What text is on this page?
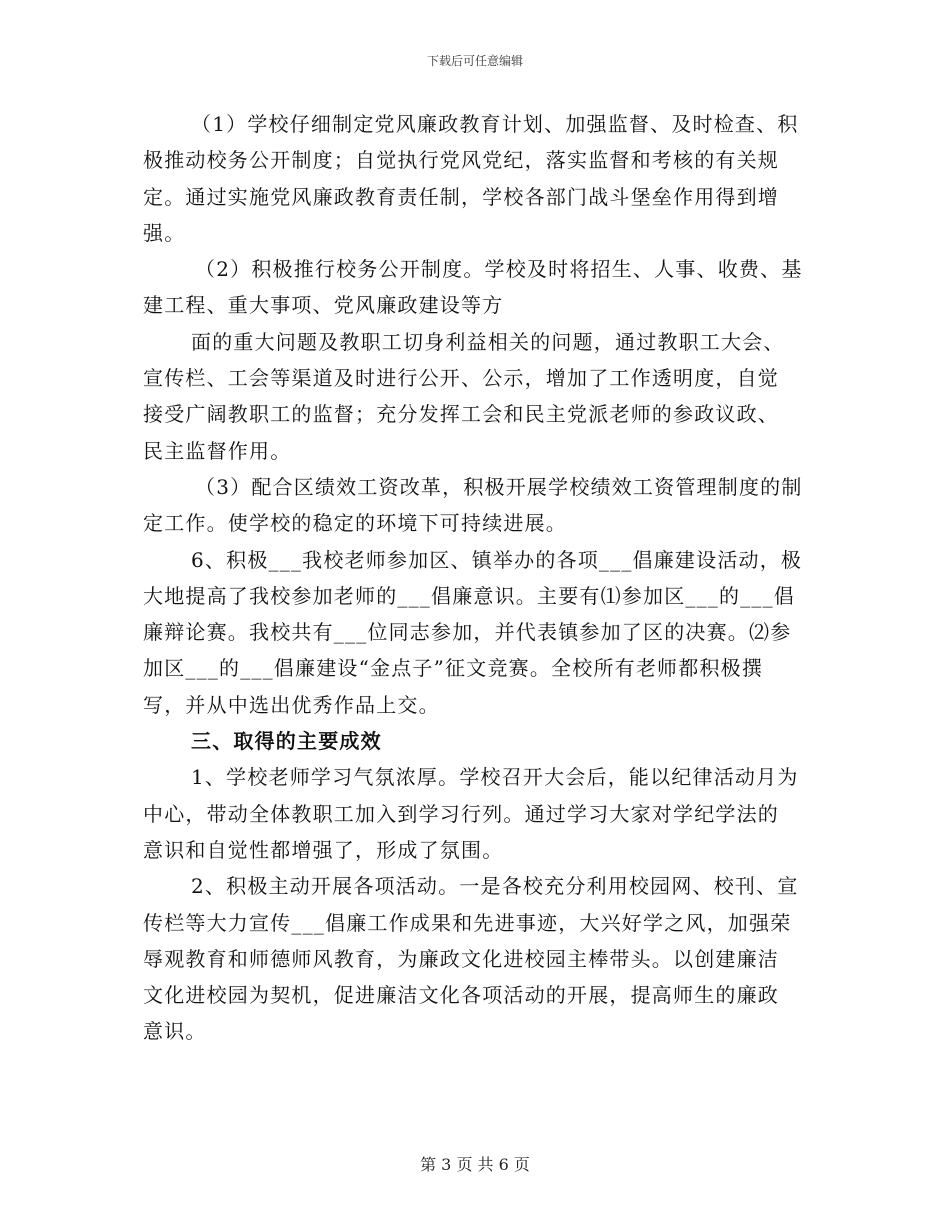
下载后可任意编辑
（1）学校仔细制定党风廉政教育计划、加强监督、及时检查、积
极推动校务公开制度；自觉执行党风党纪，落实监督和考核的有关规
定。通过实施党风廉政教育责任制，学校各部门战斗堡垒作用得到增
强。
（2）积极推行校务公开制度。学校及时将招生、人事、收费、基
建工程、重大事项、党风廉政建设等方
面的重大问题及教职工切身利益相关的问题，通过教职工大会、
宣传栏、工会等渠道及时进行公开、公示，增加了工作透明度，自觉
接受广阔教职工的监督；充分发挥工会和民主党派老师的参政议政、
民主监督作用。
（3）配合区绩效工资改革，积极开展学校绩效工资管理制度的制
定工作。使学校的稳定的环境下可持续进展。
6、积极___我校老师参加区、镇举办的各项___倡廉建设活动，极
大地提高了我校参加老师的___倡廉意识。主要有⑴参加区___的___倡
廉辩论赛。我校共有___位同志参加，并代表镇参加了区的决赛。⑵参
加区___的___倡廉建设“金点子”征文竞赛。全校所有老师都积极撰
写，并从中选出优秀作品上交。
三、取得的主要成效
1、学校老师学习气氛浓厚。学校召开大会后，能以纪律活动月为
中心，带动全体教职工加入到学习行列。通过学习大家对学纪学法的
意识和自觉性都增强了，形成了氛围。
2、积极主动开展各项活动。一是各校充分利用校园网、校刊、宣
传栏等大力宣传___倡廉工作成果和先进事迹，大兴好学之风，加强荣
辱观教育和师德师风教育，为廉政文化进校园主棒带头。以创建廉洁
文化进校园为契机，促进廉洁文化各项活动的开展，提高师生的廉政
意识。
第 3 页 共 6 页
